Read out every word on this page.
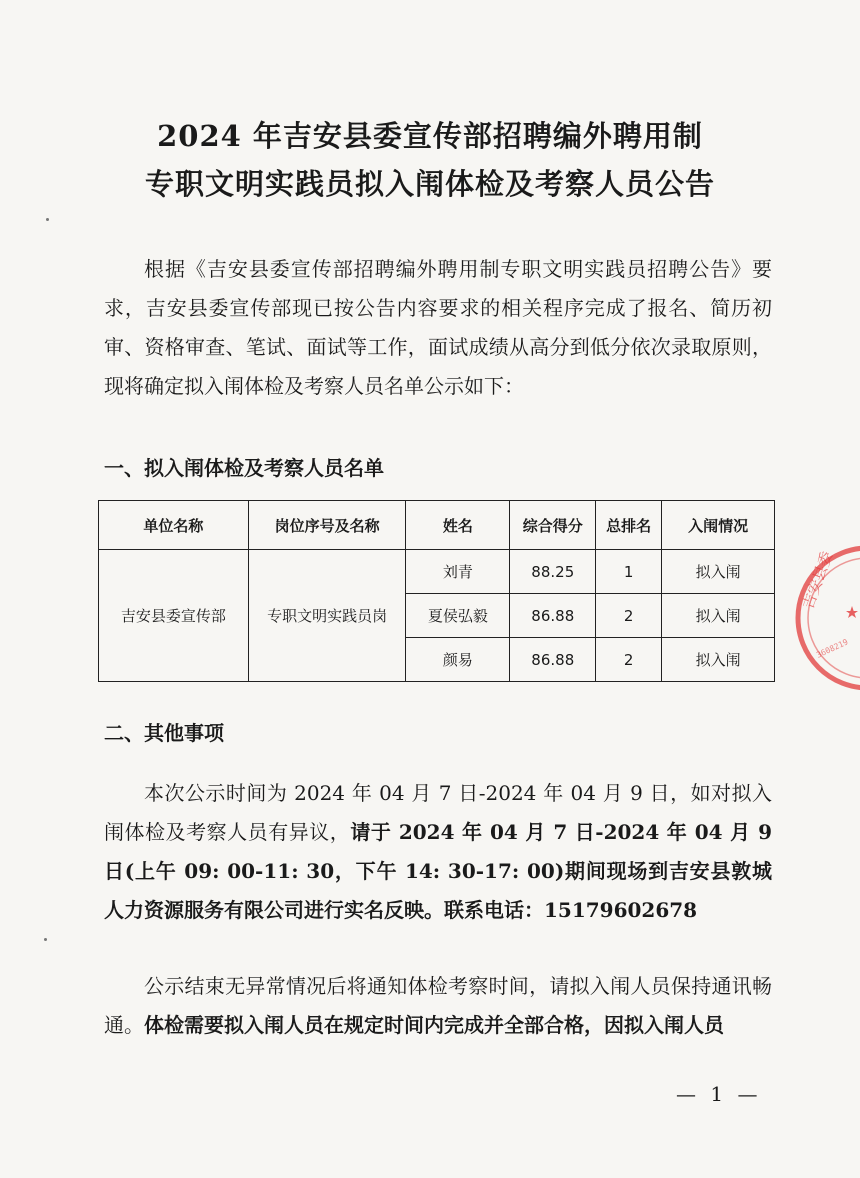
2024 年吉安县委宣传部招聘编外聘用制
专职文明实践员拟入闱体检及考察人员公告
根据《吉安县委宣传部招聘编外聘用制专职文明实践员招聘公告》要求，吉安县委宣传部现已按公告内容要求的相关程序完成了报名、简历初审、资格审查、笔试、面试等工作，面试成绩从高分到低分依次录取原则，现将确定拟入闱体检及考察人员名单公示如下：
一、拟入闱体检及考察人员名单
单位名称	岗位序号及名称	姓名	综合得分	总排名	入闱情况
吉安县委宣传部	专职文明实践员岗	刘青	88.25	1	拟入闱
		夏侯弘毅	86.88	2	拟入闱
		颜易	86.88	2	拟入闱
二、其他事项
本次公示时间为 2024 年 04 月 7 日-2024 年 04 月 9 日，如对拟入闱体检及考察人员有异议，请于 2024 年 04 月 7 日-2024 年 04 月 9 日(上午 09: 00-11: 30，下午 14: 30-17: 00)期间现场到吉安县敦城人力资源服务有限公司进行实名反映。联系电话：15179602678
公示结束无异常情况后将通知体检考察时间，请拟入闱人员保持通讯畅通。体检需要拟入闱人员在规定时间内完成并全部合格，因拟入闱人员
— 1 —
吉安县委
3608219
